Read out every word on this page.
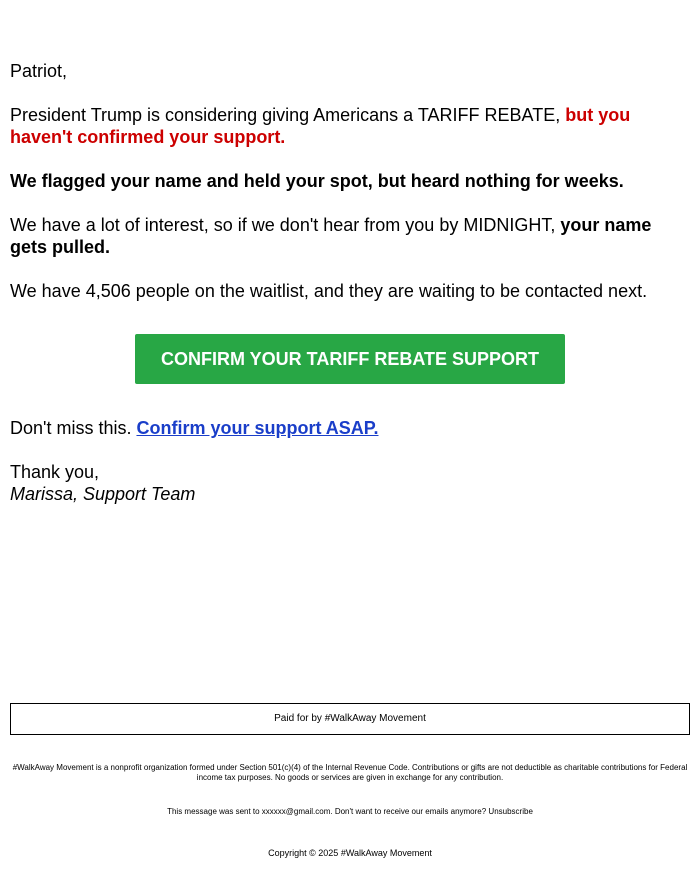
Patriot,
President Trump is considering giving Americans a TARIFF REBATE, but you haven't confirmed your support.
We flagged your name and held your spot, but heard nothing for weeks.
We have a lot of interest, so if we don't hear from you by MIDNIGHT, your name gets pulled.
We have 4,506 people on the waitlist, and they are waiting to be contacted next.
CONFIRM YOUR TARIFF REBATE SUPPORT
Don't miss this. Confirm your support ASAP.
Thank you,
Marissa, Support Team
Paid for by #WalkAway Movement
#WalkAway Movement is a nonprofit organization formed under Section 501(c)(4) of the Internal Revenue Code. Contributions or gifts are not deductible as charitable contributions for Federal income tax purposes. No goods or services are given in exchange for any contribution.
This message was sent to xxxxxx@gmail.com. Don't want to receive our emails anymore? Unsubscribe
Copyright © 2025 #WalkAway Movement
